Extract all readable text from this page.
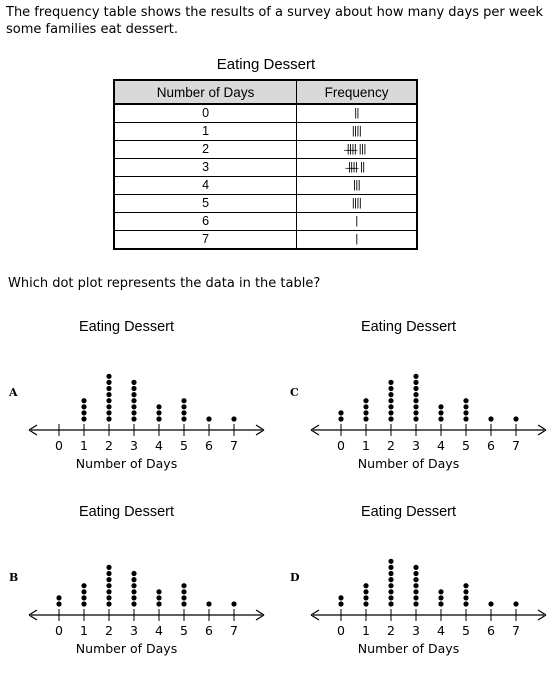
The frequency table shows the results of a survey about how many days per week some families eat dessert.
Eating Dessert
Number of Days	Frequency
0	||
1	||||
2	̶|̶|̶|̶| |||
3	̶|̶|̶|̶| ||
4	|||
5	||||
6	|
7	|
Which dot plot represents the data in the table?
A	C
B	D
Eating Dessert
0 1 2 3 4 5 6 7
Number of Days
Eating Dessert
0 1 2 3 4 5 6 7
Number of Days
Eating Dessert
0 1 2 3 4 5 6 7
Number of Days
Eating Dessert
0 1 2 3 4 5 6 7
Number of Days
